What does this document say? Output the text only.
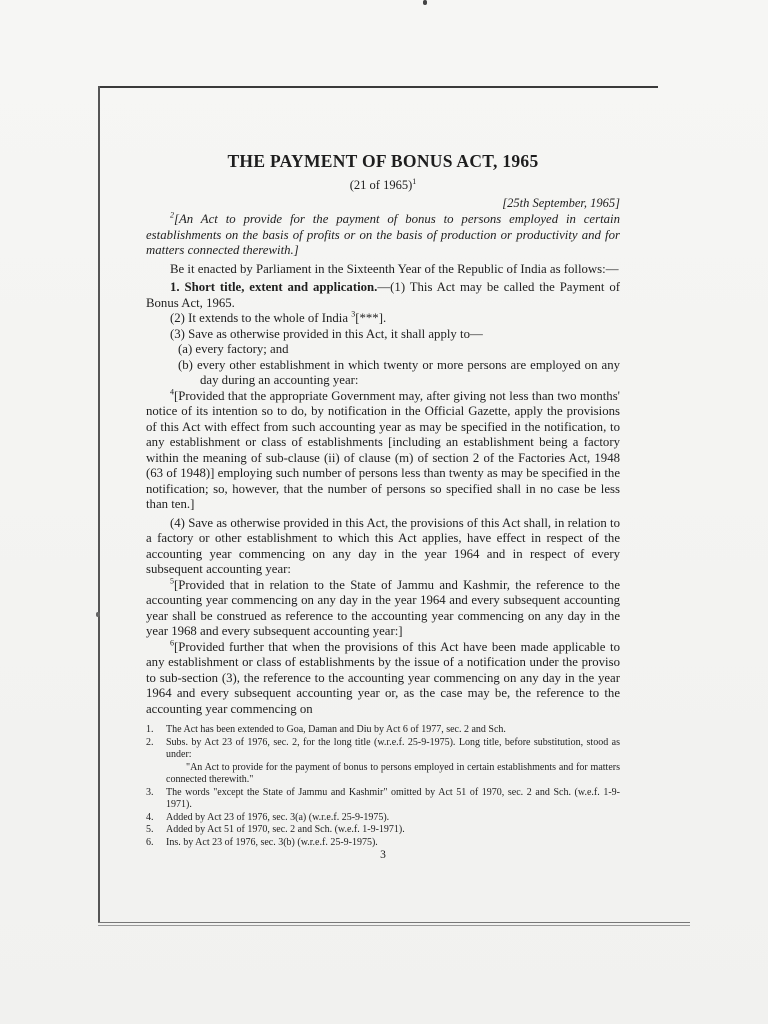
THE PAYMENT OF BONUS ACT, 1965
(21 of 1965)$^1$
[25th September, 1965]

$^2$[An Act to provide for the payment of bonus to persons employed in certain establishments on the basis of profits or on the basis of production or productivity and for matters connected therewith.]

Be it enacted by Parliament in the Sixteenth Year of the Republic of India as follows:—

1. Short title, extent and application.—(1) This Act may be called the Payment of Bonus Act, 1965.

(2) It extends to the whole of India $^3$[***].

(3) Save as otherwise provided in this Act, it shall apply to—

(a) every factory; and

(b) every other establishment in which twenty or more persons are employed on any day during an accounting year:

$^4$[Provided that the appropriate Government may, after giving not less than two months' notice of its intention so to do, by notification in the Official Gazette, apply the provisions of this Act with effect from such accounting year as may be specified in the notification, to any establishment or class of establishments [including an establishment being a factory within the meaning of sub-clause (ii) of clause (m) of section 2 of the Factories Act, 1948 (63 of 1948)] employing such number of persons less than twenty as may be specified in the notification; so, however, that the number of persons so specified shall in no case be less than ten.]

(4) Save as otherwise provided in this Act, the provisions of this Act shall, in relation to a factory or other establishment to which this Act applies, have effect in respect of the accounting year commencing on any day in the year 1964 and in respect of every subsequent accounting year:

$^5$[Provided that in relation to the State of Jammu and Kashmir, the reference to the accounting year commencing on any day in the year 1964 and every subsequent accounting year shall be construed as reference to the accounting year commencing on any day in the year 1968 and every subsequent accounting year:]

$^6$[Provided further that when the provisions of this Act have been made applicable to any establishment or class of establishments by the issue of a notification under the proviso to sub-section (3), the reference to the accounting year commencing on any day in the year 1964 and every subsequent accounting year or, as the case may be, the reference to the accounting year commencing on

1.	The Act has been extended to Goa, Daman and Diu by Act 6 of 1977, sec. 2 and Sch.
2.	Subs. by Act 23 of 1976, sec. 2, for the long title (w.r.e.f. 25-9-1975). Long title, before substitution, stood as under:
"An Act to provide for the payment of bonus to persons employed in certain establishments and for matters connected therewith."
3.	The words "except the State of Jammu and Kashmir" omitted by Act 51 of 1970, sec. 2 and Sch. (w.e.f. 1-9-1971).
4.	Added by Act 23 of 1976, sec. 3(a) (w.r.e.f. 25-9-1975).
5.	Added by Act 51 of 1970, sec. 2 and Sch. (w.e.f. 1-9-1971).
6.	Ins. by Act 23 of 1976, sec. 3(b) (w.r.e.f. 25-9-1975).
3
